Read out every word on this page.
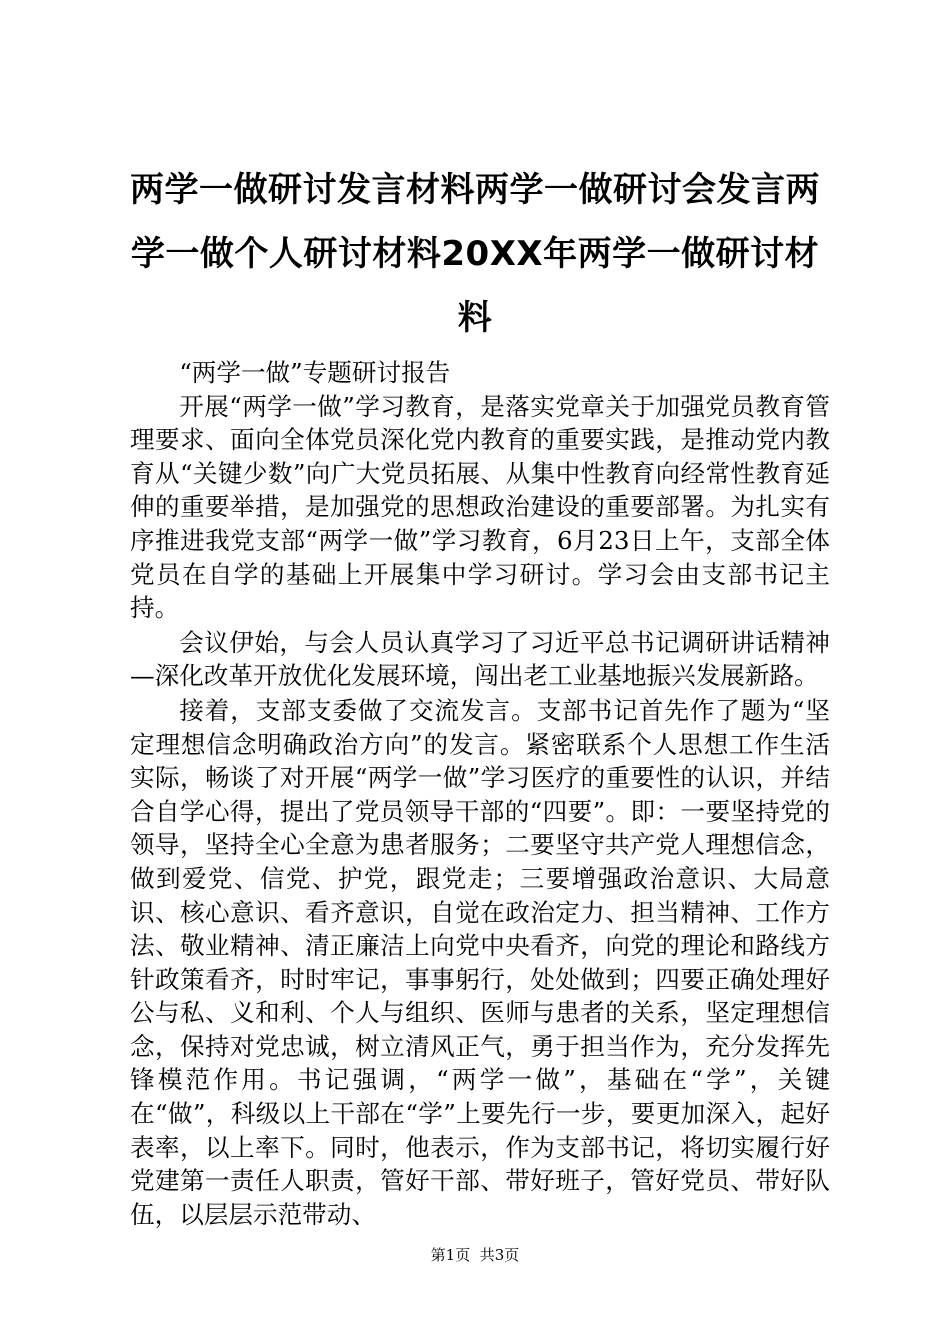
两学一做研讨发言材料两学一做研讨会发言两学一做个人研讨材料20XX年两学一做研讨材料

“两学一做”专题研讨报告

开展“两学一做”学习教育，是落实党章关于加强党员教育管理要求、面向全体党员深化党内教育的重要实践，是推动党内教育从“关键少数”向广大党员拓展、从集中性教育向经常性教育延伸的重要举措，是加强党的思想政治建设的重要部署。为扎实有序推进我党支部“两学一做”学习教育，6月23日上午，支部全体党员在自学的基础上开展集中学习研讨。学习会由支部书记主持。

会议伊始，与会人员认真学习了习近平总书记调研讲话精神—深化改革开放优化发展环境，闯出老工业基地振兴发展新路。

接着，支部支委做了交流发言。支部书记首先作了题为“坚定理想信念明确政治方向”的发言。紧密联系个人思想工作生活实际，畅谈了对开展“两学一做”学习医疗的重要性的认识，并结合自学心得，提出了党员领导干部的“四要”。即：一要坚持党的领导，坚持全心全意为患者服务；二要坚守共产党人理想信念，做到爱党、信党、护党，跟党走；三要增强政治意识、大局意识、核心意识、看齐意识，自觉在政治定力、担当精神、工作方法、敬业精神、清正廉洁上向党中央看齐，向党的理论和路线方针政策看齐，时时牢记，事事躬行，处处做到；四要正确处理好公与私、义和利、个人与组织、医师与患者的关系，坚定理想信念，保持对党忠诚，树立清风正气，勇于担当作为，充分发挥先锋模范作用。书记强调，“两学一做”，基础在“学”，关键在“做”，科级以上干部在“学”上要先行一步，要更加深入，起好表率，以上率下。同时，他表示，作为支部书记，将切实履行好党建第一责任人职责，管好干部、带好班子，管好党员、带好队伍，以层层示范带动、

第1页 共3页
